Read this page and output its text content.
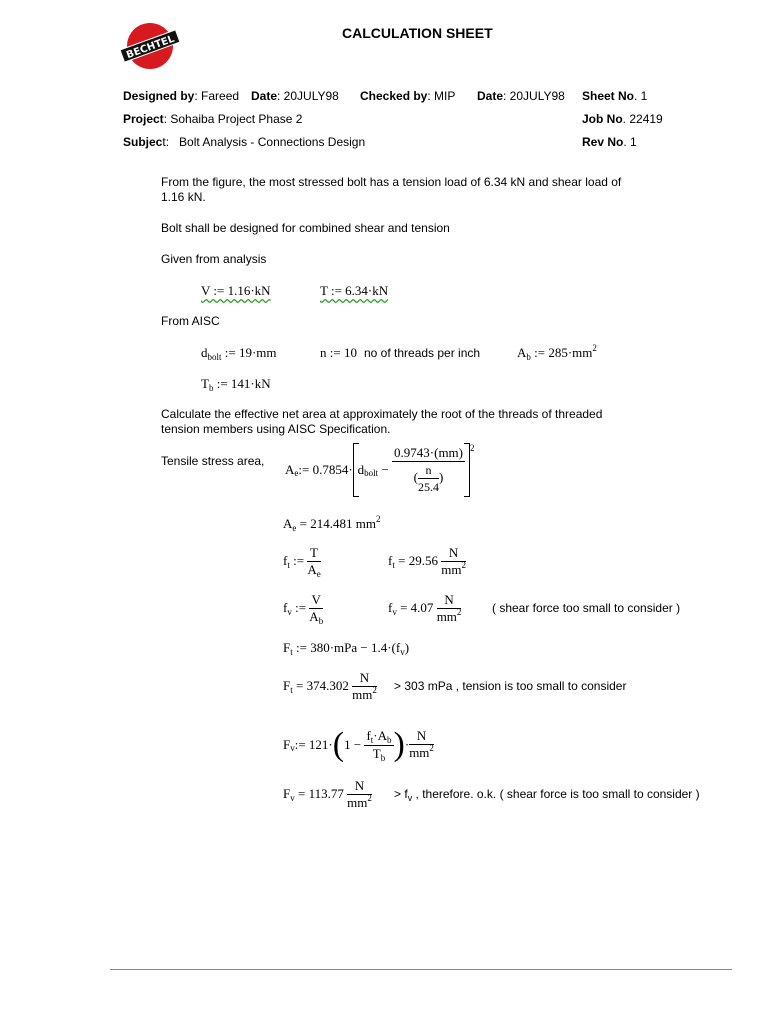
BECHTEL
CALCULATION SHEET
Designed by: Fareed Date: 20JULY98 Checked by: MIP Date: 20JULY98 Sheet No. 1
Project: Sohaiba Project Phase 2	Job No. 22419
Subject: Bolt Analysis - Connections Design	Rev No. 1
From the figure, the most stressed bolt has a tension load of 6.34 kN and shear load of 1.16 kN.
Bolt shall be designed for combined shear and tension
Given from analysis
V := 1.16·kN	T := 6.34·kN
From AISC
$d_{bolt}$ := 19·mm	n := 10 no of threads per inch	$A_b$ := $285\cdot mm^2$
$T_b$ := 141·kN
Calculate the effective net area at approximately the root of the threads of threaded tension members using AISC Specification.
Tensile stress area,
A e := 0.7854· d bolt − $\frac{0.9743\cdot(mm)}{( \frac{n}{25.4} )} 2$
$A_e = 214.481$ $mm^2$
$f_t$ := $\frac{T}{A_e}$	$f_t = 29.56 \frac{N}{mm^2}$
$f_v$ := $\frac{V}{A_b}$	$f_v = 4.07 \frac{N}{mm^2}$	( shear force too small to consider )
$F_t$ := $380\cdot mPa - 1.4\cdot(f_v)$
$F_t = 374.302 \frac{N}{mm^2} > 303$ mPa , tension is too small to consider
F v := 121· ( 1 −
$\frac{f_t\cdot A_b}{T_b}$ ) · $\frac{N}{mm^2}$
$F_v = 113.77 \frac{N}{mm^2} > f_v$ , therefore. o.k. ( shear force is too small to consider )
